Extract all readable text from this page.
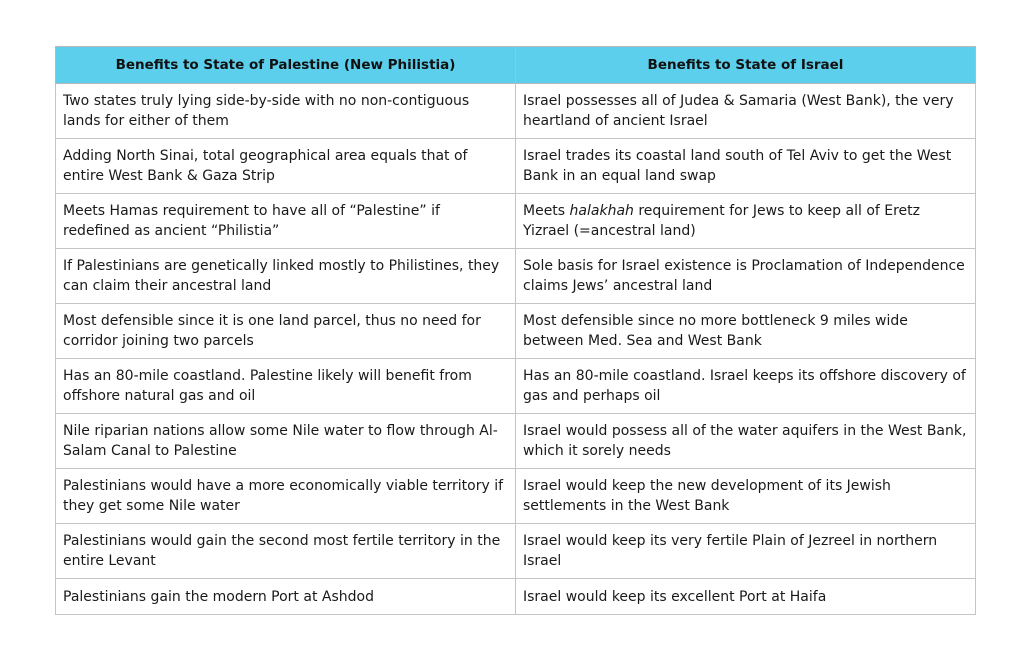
Benefits to State of Palestine (New Philistia)	Benefits to State of Israel
Two states truly lying side-by-side with no non-contiguous lands for either of them	Israel possesses all of Judea & Samaria (West Bank), the very heartland of ancient Israel
Adding North Sinai, total geographical area equals that of entire West Bank & Gaza Strip	Israel trades its coastal land south of Tel Aviv to get the West Bank in an equal land swap
Meets Hamas requirement to have all of “Palestine” if redefined as ancient “Philistia”	Meets halakhah requirement for Jews to keep all of Eretz Yizrael (=ancestral land)
If Palestinians are genetically linked mostly to Philistines, they can claim their ancestral land	Sole basis for Israel existence is Proclamation of Independence claims Jews’ ancestral land
Most defensible since it is one land parcel, thus no need for corridor joining two parcels	Most defensible since no more bottleneck 9 miles wide between Med. Sea and West Bank
Has an 80-mile coastland. Palestine likely will benefit from offshore natural gas and oil	Has an 80-mile coastland. Israel keeps its offshore discovery of gas and perhaps oil
Nile riparian nations allow some Nile water to flow through Al-Salam Canal to Palestine	Israel would possess all of the water aquifers in the West Bank, which it sorely needs
Palestinians would have a more economically viable territory if they get some Nile water	Israel would keep the new development of its Jewish settlements in the West Bank
Palestinians would gain the second most fertile territory in the entire Levant	Israel would keep its very fertile Plain of Jezreel in northern Israel
Palestinians gain the modern Port at Ashdod	Israel would keep its excellent Port at Haifa
